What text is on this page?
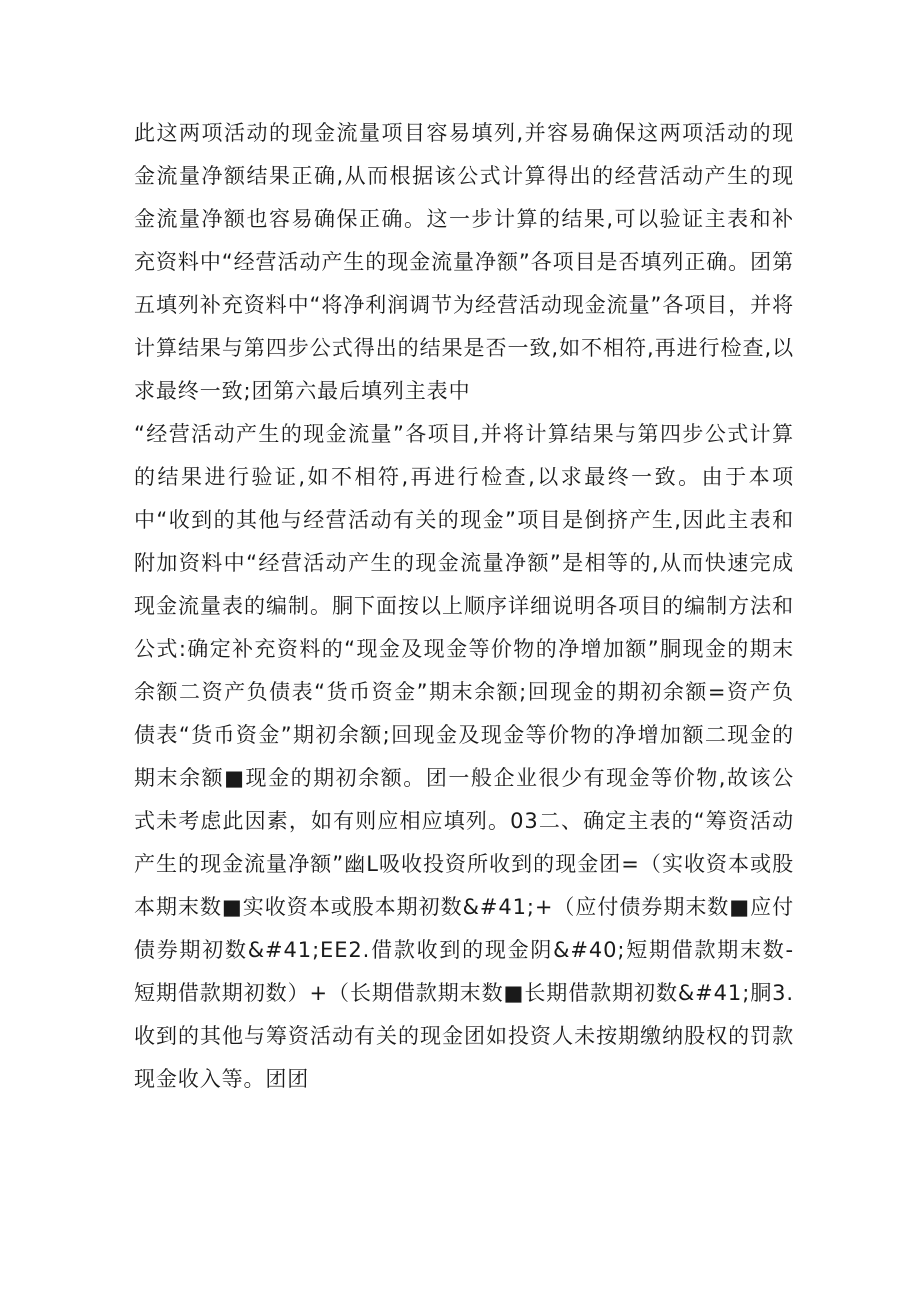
此这两项活动的现金流量项目容易填列,并容易确保这两项活动的现金流量净额结果正确,从而根据该公式计算得出的经营活动产生的现金流量净额也容易确保正确。这一步计算的结果,可以验证主表和补充资料中“经营活动产生的现金流量净额”各项目是否填列正确。团第五填列补充资料中“将净利润调节为经营活动现金流量”各项目，并将计算结果与第四步公式得出的结果是否一致,如不相符,再进行检查,以求最终一致;团第六最后填列主表中

“经营活动产生的现金流量”各项目,并将计算结果与第四步公式计算的结果进行验证,如不相符,再进行检查,以求最终一致。由于本项中“收到的其他与经营活动有关的现金”项目是倒挤产生,因此主表和附加资料中“经营活动产生的现金流量净额”是相等的,从而快速完成现金流量表的编制。胴下面按以上顺序详细说明各项目的编制方法和公式:确定补充资料的“现金及现金等价物的净增加额”胴现金的期末余额二资产负债表“货币资金”期末余额;回现金的期初余额=资产负债表“货币资金”期初余额;回现金及现金等价物的净增加额二现金的期末余额■现金的期初余额。团一般企业很少有现金等价物,故该公式未考虑此因素，如有则应相应填列。03二、确定主表的“筹资活动产生的现金流量净额”幽L吸收投资所收到的现金团=（实收资本或股本期末数■实收资本或股本期初数&#41;+（应付债券期末数■应付债券期初数&#41;EE2.借款收到的现金阴&#40;短期借款期末数-短期借款期初数）+（长期借款期末数■长期借款期初数&#41;胴3.收到的其他与筹资活动有关的现金团如投资人未按期缴纳股权的罚款现金收入等。团团
